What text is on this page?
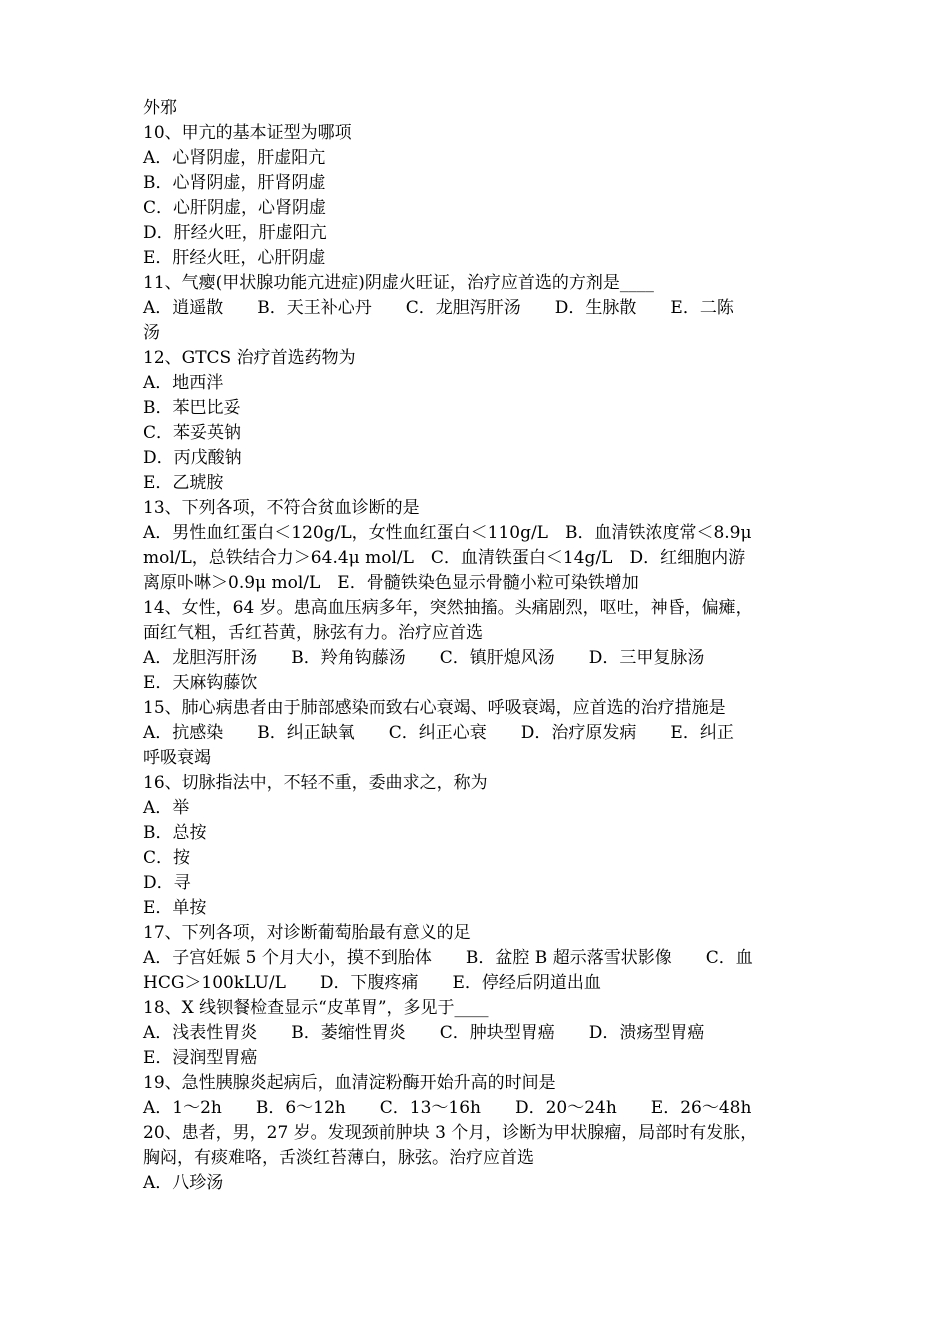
外邪
10、甲亢的基本证型为哪项
A．心肾阴虚，肝虚阳亢
B．心肾阴虚，肝肾阴虚
C．心肝阴虚，心肾阴虚
D．肝经火旺，肝虚阳亢
E．肝经火旺，心肝阴虚
11、气瘿(甲状腺功能亢进症)阴虚火旺证，治疗应首选的方剂是____
A．逍遥散　　B．天王补心丹　　C．龙胆泻肝汤　　D．生脉散　　E．二陈
汤
12、GTCS 治疗首选药物为
A．地西泮
B．苯巴比妥
C．苯妥英钠
D．丙戊酸钠
E．乙琥胺
13、下列各项，不符合贫血诊断的是
A．男性血红蛋白＜120g/L，女性血红蛋白＜110g/L　B．血清铁浓度常＜8.9μ
mol/L，总铁结合力＞64.4μ mol/L　C．血清铁蛋白＜14g/L　D．红细胞内游
离原卟啉＞0.9μ mol/L　E．骨髓铁染色显示骨髓小粒可染铁增加
14、女性，64 岁。患高血压病多年，突然抽搐。头痛剧烈，呕吐，神昏，偏瘫，
面红气粗，舌红苔黄，脉弦有力。治疗应首选
A．龙胆泻肝汤　　B．羚角钩藤汤　　C．镇肝熄风汤　　D．三甲复脉汤
E．天麻钩藤饮
15、肺心病患者由于肺部感染而致右心衰竭、呼吸衰竭，应首选的治疗措施是
A．抗感染　　B．纠正缺氧　　C．纠正心衰　　D．治疗原发病　　E．纠正
呼吸衰竭
16、切脉指法中，不轻不重，委曲求之，称为
A．举
B．总按
C．按
D．寻
E．单按
17、下列各项，对诊断葡萄胎最有意义的足
A．子宫妊娠 5 个月大小，摸不到胎体　　B．盆腔 B 超示落雪状影像　　C．血
HCG＞100kLU/L　　D．下腹疼痛　　E．停经后阴道出血
18、X 线钡餐检查显示“皮革胃”，多见于____
A．浅表性胃炎　　B．萎缩性胃炎　　C．肿块型胃癌　　D．溃疡型胃癌
E．浸润型胃癌
19、急性胰腺炎起病后，血清淀粉酶开始升高的时间是
A．1～2h　　B．6～12h　　C．13～16h　　D．20～24h　　E．26～48h
20、患者，男，27 岁。发现颈前肿块 3 个月，诊断为甲状腺瘤，局部时有发胀，
胸闷，有痰难咯，舌淡红苔薄白，脉弦。治疗应首选
A．八珍汤
